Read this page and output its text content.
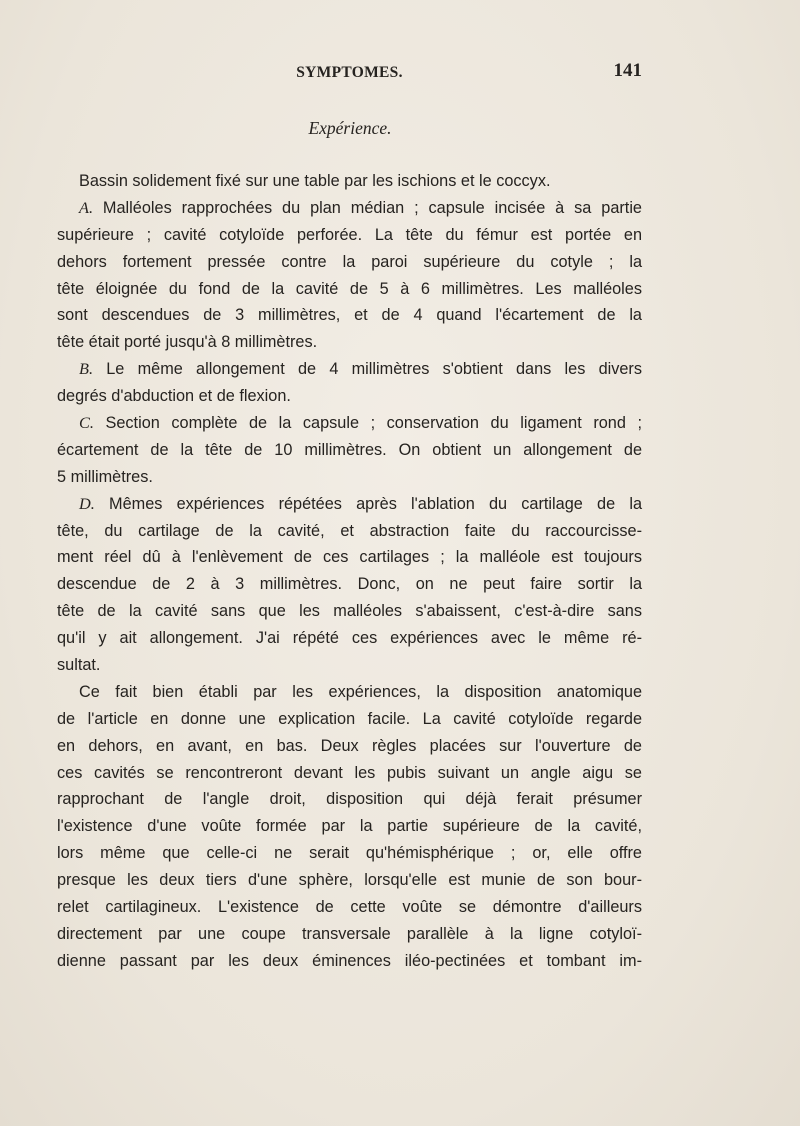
SYMPTOMES.	141
Expérience.
Bassin solidement fixé sur une table par les ischions et le coccyx.
A. Malléoles rapprochées du plan médian ; capsule incisée à sa partie
supérieure ; cavité cotyloïde perforée. La tête du fémur est portée en
dehors fortement pressée contre la paroi supérieure du cotyle ; la
tête éloignée du fond de la cavité de 5 à 6 millimètres. Les malléoles
sont descendues de 3 millimètres, et de 4 quand l'écartement de la
tête était porté jusqu'à 8 millimètres.
B. Le même allongement de 4 millimètres s'obtient dans les divers
degrés d'abduction et de flexion.
C. Section complète de la capsule ; conservation du ligament rond ;
écartement de la tête de 10 millimètres. On obtient un allongement de
5 millimètres.
D. Mêmes expériences répétées après l'ablation du cartilage de la
tête, du cartilage de la cavité, et abstraction faite du raccourcisse-
ment réel dû à l'enlèvement de ces cartilages ; la malléole est toujours
descendue de 2 à 3 millimètres. Donc, on ne peut faire sortir la
tête de la cavité sans que les malléoles s'abaissent, c'est-à-dire sans
qu'il y ait allongement. J'ai répété ces expériences avec le même ré-
sultat.
Ce fait bien établi par les expériences, la disposition anatomique
de l'article en donne une explication facile. La cavité cotyloïde regarde
en dehors, en avant, en bas. Deux règles placées sur l'ouverture de
ces cavités se rencontreront devant les pubis suivant un angle aigu se
rapprochant de l'angle droit, disposition qui déjà ferait présumer
l'existence d'une voûte formée par la partie supérieure de la cavité,
lors même que celle-ci ne serait qu'hémisphérique ; or, elle offre
presque les deux tiers d'une sphère, lorsqu'elle est munie de son bour-
relet cartilagineux. L'existence de cette voûte se démontre d'ailleurs
directement par une coupe transversale parallèle à la ligne cotyloï-
dienne passant par les deux éminences iléo-pectinées et tombant im-
